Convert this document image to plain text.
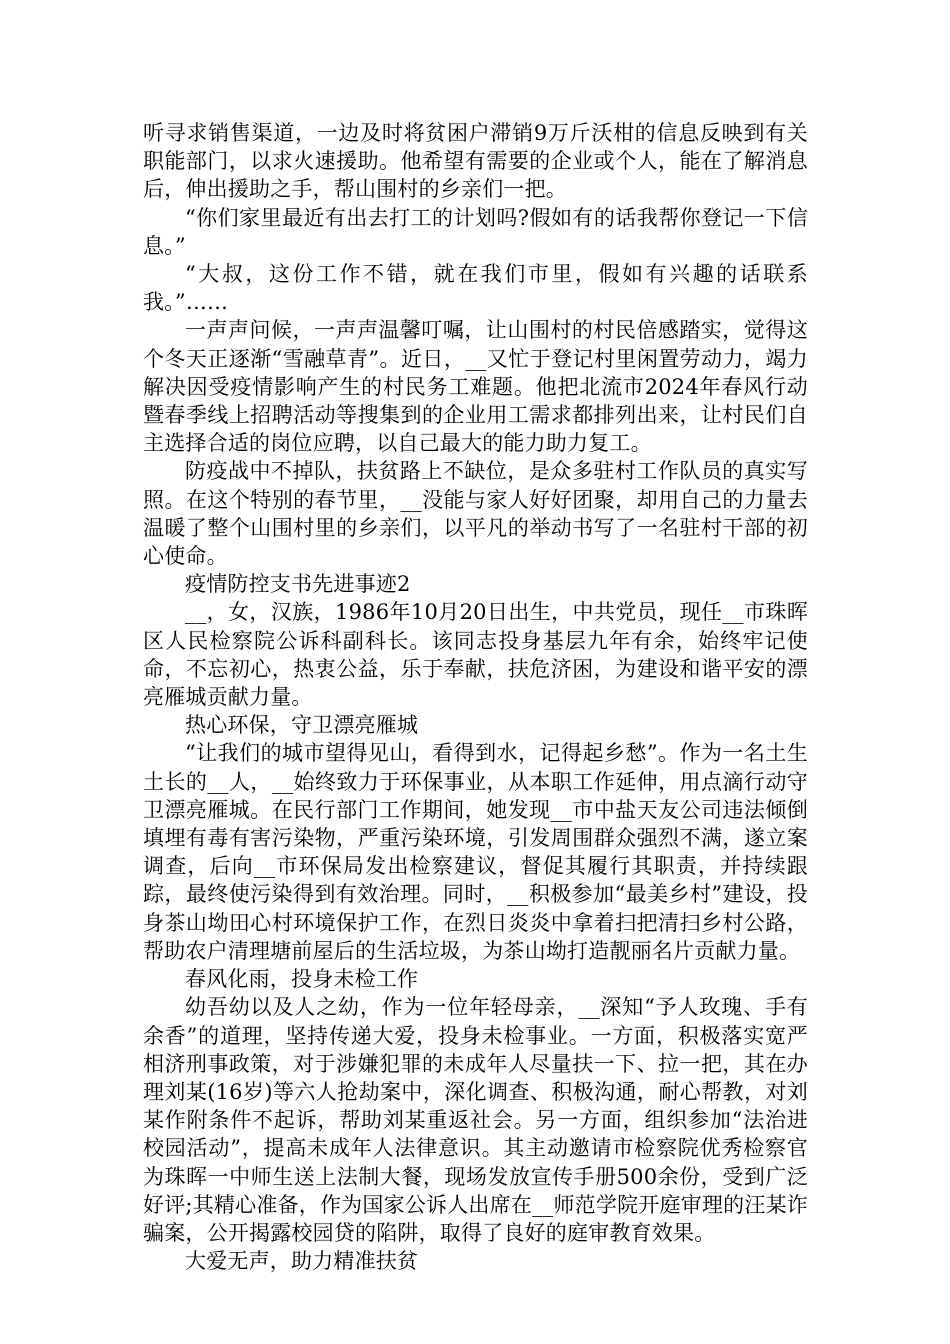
听寻求销售渠道，一边及时将贫困户滞销9万斤沃柑的信息反映到有关职能部门，以求火速援助。他希望有需要的企业或个人，能在了解消息后，伸出援助之手，帮山围村的乡亲们一把。

“你们家里最近有出去打工的计划吗?假如有的话我帮你登记一下信息。”

“大叔，这份工作不错，就在我们市里，假如有兴趣的话联系我。”……

一声声问候，一声声温馨叮嘱，让山围村的村民倍感踏实，觉得这个冬天正逐渐“雪融草青”。近日，__又忙于登记村里闲置劳动力，竭力解决因受疫情影响产生的村民务工难题。他把北流市2024年春风行动暨春季线上招聘活动等搜集到的企业用工需求都排列出来，让村民们自主选择合适的岗位应聘，以自己最大的能力助力复工。

防疫战中不掉队，扶贫路上不缺位，是众多驻村工作队员的真实写照。在这个特别的春节里，__没能与家人好好团聚，却用自己的力量去温暖了整个山围村里的乡亲们，以平凡的举动书写了一名驻村干部的初心使命。

疫情防控支书先进事迹2

__，女，汉族，1986年10月20日出生，中共党员，现任__市珠晖区人民检察院公诉科副科长。该同志投身基层九年有余，始终牢记使命，不忘初心，热衷公益，乐于奉献，扶危济困，为建设和谐平安的漂亮雁城贡献力量。

热心环保，守卫漂亮雁城

“让我们的城市望得见山，看得到水，记得起乡愁”。作为一名土生土长的__人，__始终致力于环保事业，从本职工作延伸，用点滴行动守卫漂亮雁城。在民行部门工作期间，她发现__市中盐天友公司违法倾倒填埋有毒有害污染物，严重污染环境，引发周围群众强烈不满，遂立案调查，后向__市环保局发出检察建议，督促其履行其职责，并持续跟踪，最终使污染得到有效治理。同时，__积极参加“最美乡村”建设，投身茶山坳田心村环境保护工作，在烈日炎炎中拿着扫把清扫乡村公路，帮助农户清理塘前屋后的生活垃圾，为茶山坳打造靓丽名片贡献力量。

春风化雨，投身未检工作

幼吾幼以及人之幼，作为一位年轻母亲，__深知“予人玫瑰、手有余香”的道理，坚持传递大爱，投身未检事业。一方面，积极落实宽严相济刑事政策，对于涉嫌犯罪的未成年人尽量扶一下、拉一把，其在办理刘某(16岁)等六人抢劫案中，深化调查、积极沟通，耐心帮教，对刘某作附条件不起诉，帮助刘某重返社会。另一方面，组织参加“法治进校园活动”，提高未成年人法律意识。其主动邀请市检察院优秀检察官为珠晖一中师生送上法制大餐，现场发放宣传手册500余份，受到广泛好评;其精心准备，作为国家公诉人出席在__师范学院开庭审理的汪某诈骗案，公开揭露校园贷的陷阱，取得了良好的庭审教育效果。

大爱无声，助力精准扶贫
